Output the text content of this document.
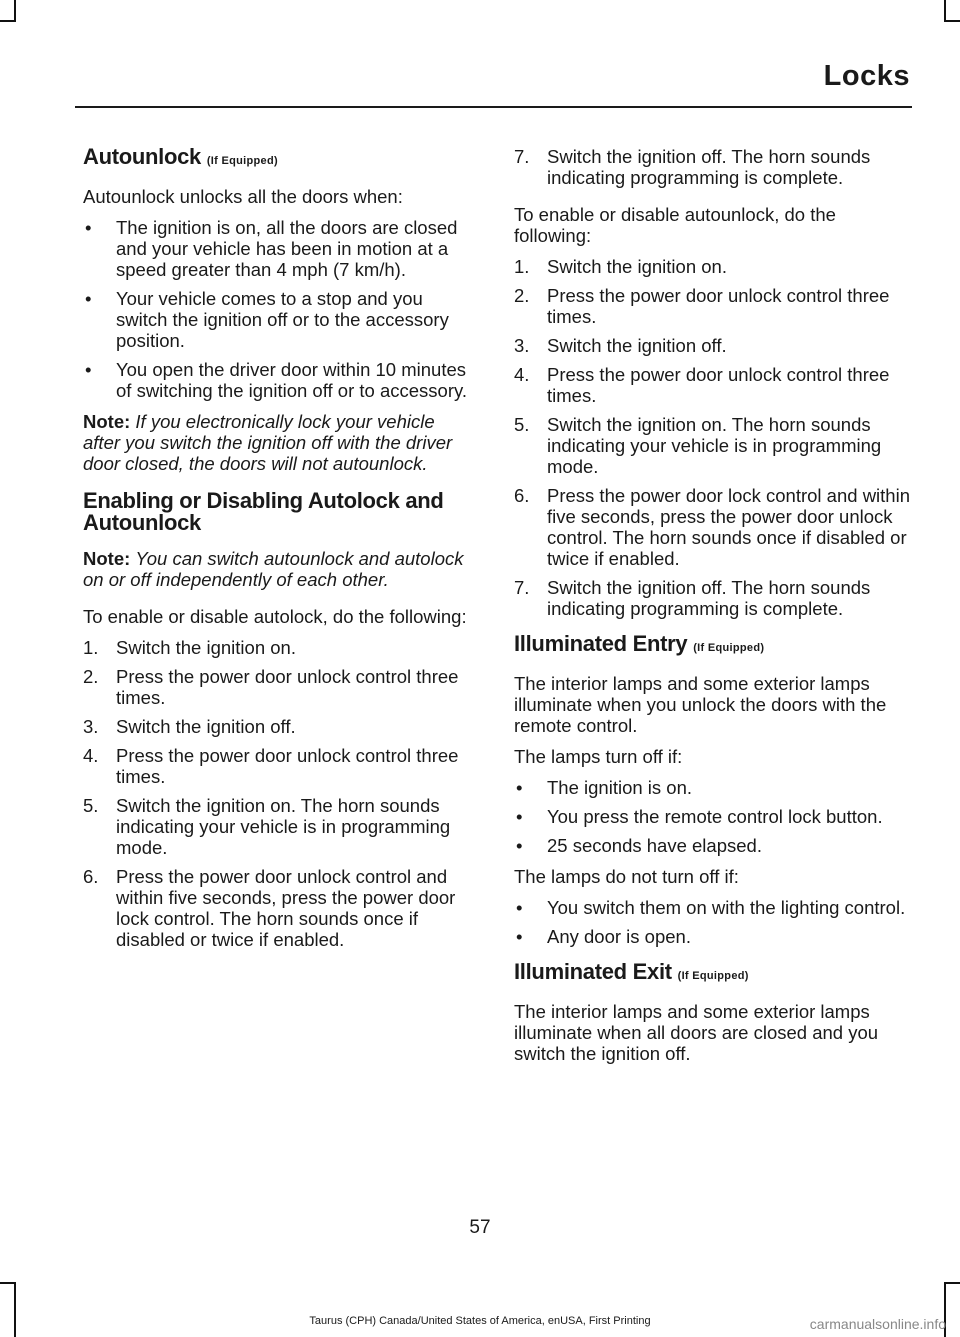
Locks
Autounlock (If Equipped)

Autounlock unlocks all the doors when:

• The ignition is on, all the doors are closed and your vehicle has been in motion at a speed greater than 4 mph (7 km/h).
• Your vehicle comes to a stop and you switch the ignition off or to the accessory position.
• You open the driver door within 10 minutes of switching the ignition off or to accessory.

Note: If you electronically lock your vehicle after you switch the ignition off with the driver door closed, the doors will not autounlock.

Enabling or Disabling Autolock and Autounlock

Note: You can switch autounlock and autolock on or off independently of each other.

To enable or disable autolock, do the following:

1. Switch the ignition on.
2. Press the power door unlock control three times.
3. Switch the ignition off.
4. Press the power door unlock control three times.
5. Switch the ignition on. The horn sounds indicating your vehicle is in programming mode.
6. Press the power door unlock control and within five seconds, press the power door lock control. The horn sounds once if disabled or twice if enabled.
7. Switch the ignition off. The horn sounds indicating programming is complete.

To enable or disable autounlock, do the following:

1. Switch the ignition on.
2. Press the power door unlock control three times.
3. Switch the ignition off.
4. Press the power door unlock control three times.
5. Switch the ignition on. The horn sounds indicating your vehicle is in programming mode.
6. Press the power door lock control and within five seconds, press the power door unlock control. The horn sounds once if disabled or twice if enabled.
7. Switch the ignition off. The horn sounds indicating programming is complete.
Illuminated Entry (If Equipped)

The interior lamps and some exterior lamps illuminate when you unlock the doors with the remote control.

The lamps turn off if:

• The ignition is on.
• You press the remote control lock button.
• 25 seconds have elapsed.

The lamps do not turn off if:

• You switch them on with the lighting control.
• Any door is open.
Illuminated Exit (If Equipped)

The interior lamps and some exterior lamps illuminate when all doors are closed and you switch the ignition off.

57
Taurus (CPH) Canada/United States of America, enUSA, First Printing	carmanualsonline.info
